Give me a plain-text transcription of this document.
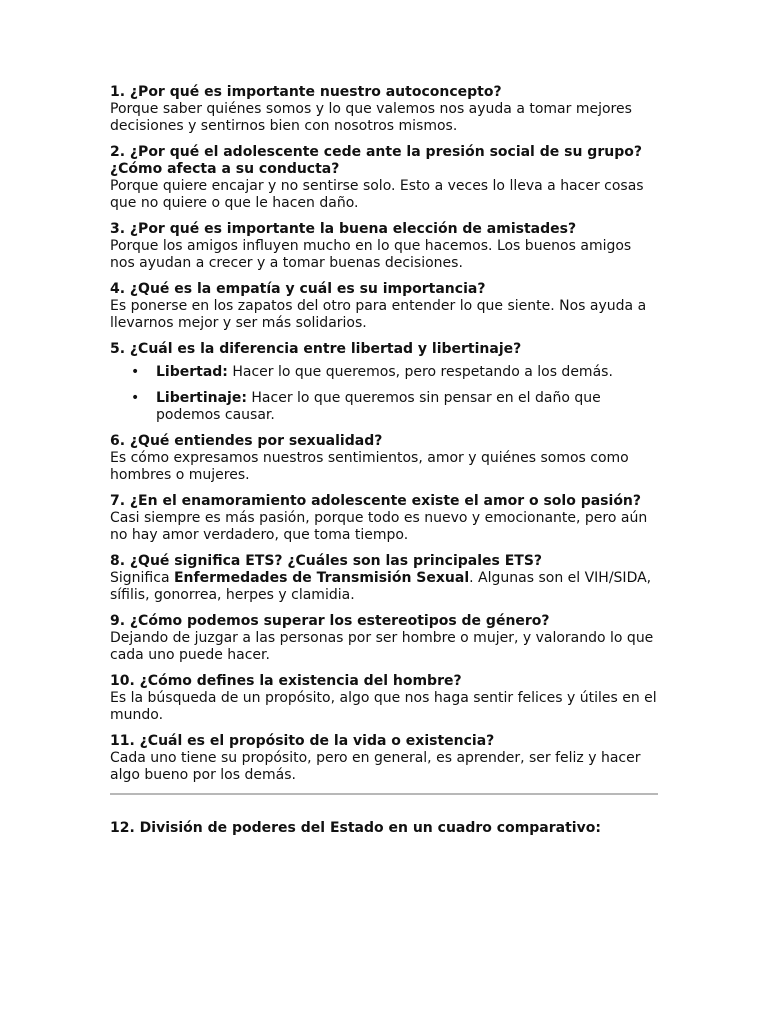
1. ¿Por qué es importante nuestro autoconcepto?

Porque saber quiénes somos y lo que valemos nos ayuda a tomar mejores decisiones y sentirnos bien con nosotros mismos.

2. ¿Por qué el adolescente cede ante la presión social de su grupo? ¿Cómo afecta a su conducta?

Porque quiere encajar y no sentirse solo. Esto a veces lo lleva a hacer cosas que no quiere o que le hacen daño.

3. ¿Por qué es importante la buena elección de amistades?

Porque los amigos influyen mucho en lo que hacemos. Los buenos amigos nos ayudan a crecer y a tomar buenas decisiones.

4. ¿Qué es la empatía y cuál es su importancia?

Es ponerse en los zapatos del otro para entender lo que siente. Nos ayuda a llevarnos mejor y ser más solidarios.

5. ¿Cuál es la diferencia entre libertad y libertinaje?

• Libertad: Hacer lo que queremos, pero respetando a los demás.
• Libertinaje: Hacer lo que queremos sin pensar en el daño que podemos causar.

6. ¿Qué entiendes por sexualidad?

Es cómo expresamos nuestros sentimientos, amor y quiénes somos como hombres o mujeres.

7. ¿En el enamoramiento adolescente existe el amor o solo pasión?

Casi siempre es más pasión, porque todo es nuevo y emocionante, pero aún no hay amor verdadero, que toma tiempo.

8. ¿Qué significa ETS? ¿Cuáles son las principales ETS?

Significa Enfermedades de Transmisión Sexual. Algunas son el VIH/SIDA, sífilis, gonorrea, herpes y clamidia.

9. ¿Cómo podemos superar los estereotipos de género?

Dejando de juzgar a las personas por ser hombre o mujer, y valorando lo que cada uno puede hacer.

10. ¿Cómo defines la existencia del hombre?

Es la búsqueda de un propósito, algo que nos haga sentir felices y útiles en el mundo.

11. ¿Cuál es el propósito de la vida o existencia?

Cada uno tiene su propósito, pero en general, es aprender, ser feliz y hacer algo bueno por los demás.

12. División de poderes del Estado en un cuadro comparativo:
